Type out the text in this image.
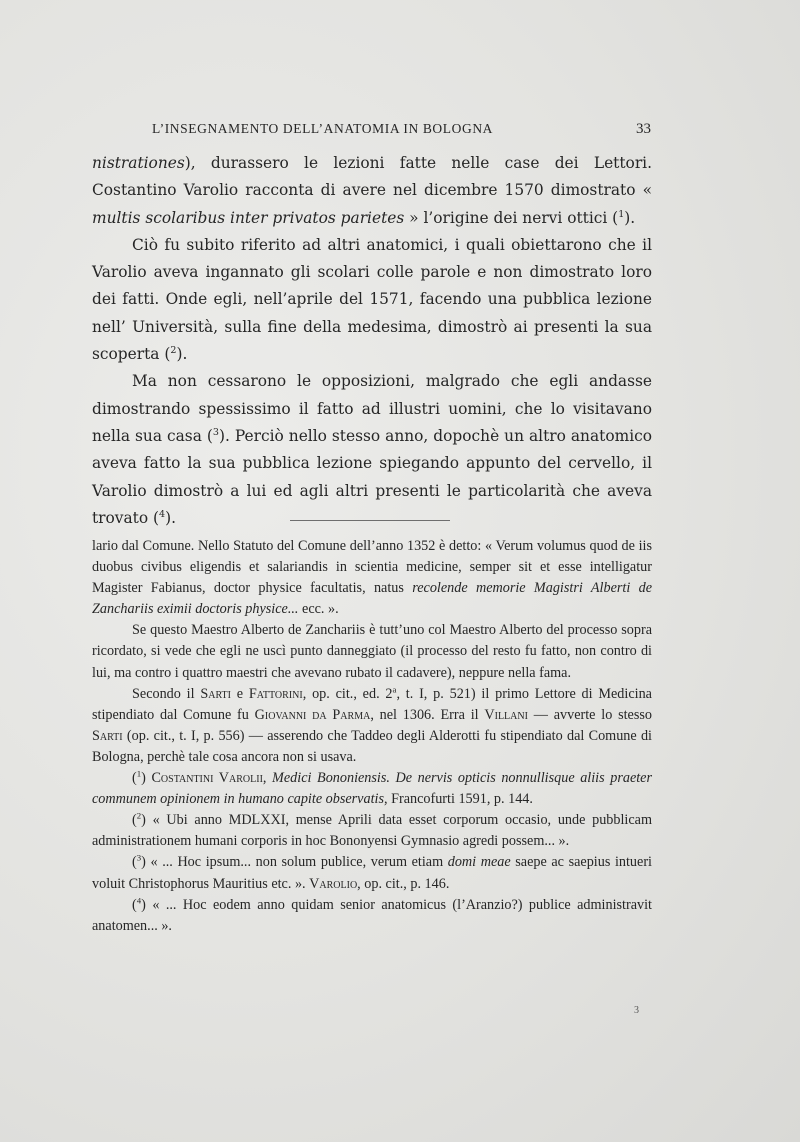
L’INSEGNAMENTO DELL’ANATOMIA IN BOLOGNA	33

nistrationes), durassero le lezioni fatte nelle case dei Lettori. Costantino Varolio racconta di avere nel dicembre 1570 dimostrato « multis scolaribus inter privatos parietes » l’origine dei nervi ottici ($^1$).

Ciò fu subito riferito ad altri anatomici, i quali obiettarono che il Varolio aveva ingannato gli scolari colle parole e non dimostrato loro dei fatti. Onde egli, nell’aprile del 1571, facendo una pubblica lezione nell’ Università, sulla fine della medesima, dimostrò ai presenti la sua scoperta ($^2$).

Ma non cessarono le opposizioni, malgrado che egli andasse dimostrando spessissimo il fatto ad illustri uomini, che lo visitavano nella sua casa ($^3$). Perciò nello stesso anno, dopochè un altro anatomico aveva fatto la sua pubblica lezione spiegando appunto del cervello, il Varolio dimostrò a lui ed agli altri presenti le particolarità che aveva trovato ($^4$).

lario dal Comune. Nello Statuto del Comune dell’anno 1352 è detto: « Verum volumus quod de iis duobus civibus eligendis et salariandis in scientia medicine, semper sit et esse intelligatur Magister Fabianus, doctor physice facultatis, natus recolende memorie Magistri Alberti de Zanchariis eximii doctoris physice... ecc. ».

Se questo Maestro Alberto de Zanchariis è tutt’uno col Maestro Alberto del processo sopra ricordato, si vede che egli ne uscì punto danneggiato (il processo del resto fu fatto, non contro di lui, ma contro i quattro maestri che avevano rubato il cadavere), neppure nella fama.

Secondo il Sarti e Fattorini, op. cit., ed. 2$^a$, t. I, p. 521) il primo Lettore di Medicina stipendiato dal Comune fu Giovanni da Parma, nel 1306. Erra il Villani — avverte lo stesso Sarti (op. cit., t. I, p. 556) — asserendo che Taddeo degli Alderotti fu stipendiato dal Comune di Bologna, perchè tale cosa ancora non si usava.

($^1$) Costantini Varolii, Medici Bononiensis. De nervis opticis nonnullisque aliis praeter communem opinionem in humano capite observatis, Francofurti 1591, p. 144.

($^2$) « Ubi anno MDLXXI, mense Aprili data esset corporum occasio, unde pubblicam administrationem humani corporis in hoc Bononyensi Gymnasio agredi possem... ».

($^3$) « ... Hoc ipsum... non solum publice, verum etiam domi meae saepe ac saepius intueri voluit Christophorus Mauritius etc. ». Varolio, op. cit., p. 146.

($^4$) « ... Hoc eodem anno quidam senior anatomicus (l’Aranzio?) publice administravit anatomen... ».

3
